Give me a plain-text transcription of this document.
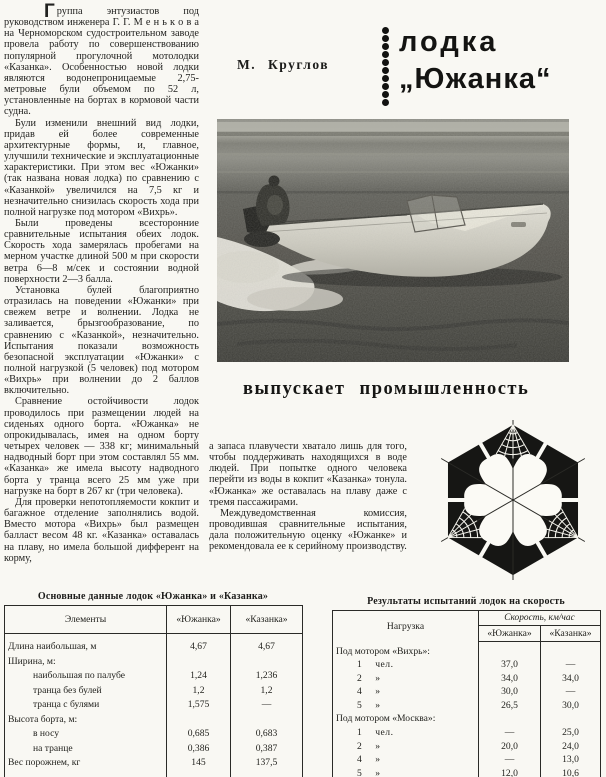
Группа энтузиастов под руководством инженера Г. Г. М е н ь к о в а на Черноморском судостроительном заводе провела работу по совершенствованию популярной прогулочной мотолодки «Казанка». Особенностью новой лодки являются водонепроницаемые 2,75-метровые були объемом по 52 л, установленные на бортах в кормовой части судна.

Були изменили внешний вид лодки, придав ей более современные архитектурные формы, и, главное, улучшили технические и эксплуатационные характеристики. При этом вес «Южанки» (так названа новая лодка) по сравнению с «Казанкой» увеличился на 7,5 кг и незначительно снизилась скорость хода при полной нагрузке под мотором «Вихрь».

Были проведены всесторонние сравнительные испытания обеих лодок. Скорость хода замерялась пробегами на мерном участке длиной 500 м при скорости ветра 6—8 м/сек и состоянии водной поверхности 2—3 балла.

Установка булей благоприятно отразилась на поведении «Южанки» при свежем ветре и волнении. Лодка не заливается, брызгообразование, по сравнению с «Казанкой», незначительно. Испытания показали возможность безопасной эксплуатации «Южанки» с полной нагрузкой (5 человек) под мотором «Вихрь» при волнении до 2 баллов включительно.

Сравнение остойчивости лодок проводилось при размещении людей на сиденьях одного борта. «Южанка» не опрокидывалась, имея на одном борту четырех человек — 338 кг; минимальный надводный борт при этом составлял 55 мм. «Казанка» же имела высоту надводного борта у транца всего 25 мм уже при нагрузке на борт в 267 кг (три человека).

Для проверки непотопляемости кокпит и багажное отделение заполнялись водой. Вместо мотора «Вихрь» был размещен балласт весом 48 кг. «Казанка» оставалась на плаву, но имела большой дифферент на корму,

М. Круглов
лодка
„Южанка“
выпускает промышленность

а запаса плавучести хватало лишь для того, чтобы поддерживать находящихся в воде людей. При попытке одного человека перейти из воды в кокпит «Казанка» тонула. «Южанка» же оставалась на плаву даже с тремя пассажирами.

Междуведомственная комиссия, проводившая сравнительные испытания, дала положительную оценку «Южанке» и рекомендовала ее к серийному производству.

Основные данные лодок «Южанка» и «Казанка»
Элементы	«Южанка»	«Казанка»
Длина наибольшая, м	4,67	4,67
Ширина, м:		
наибольшая по палубе	1,24	1,236
транца без булей	1,2	1,2
транца с булями	1,575	—
Высота борта, м:		
в носу	0,685	0,683
на транце	0,386	0,387
Вес порожнем, кг	145	137,5
Результаты испытаний лодок на скорость
Нагрузка	Скорость, км/час	
	«Южанка»	«Казанка»
Под мотором «Вихрь»:		
1 чел.	37,0	—
2 »	34,0	34,0
4 »	30,0	—
5 »	26,5	30,0
Под мотором «Москва»:		
1 чел.	—	25,0
2 »	20,0	24,0
4 »	—	13,0
5 »	12,0	10,6
